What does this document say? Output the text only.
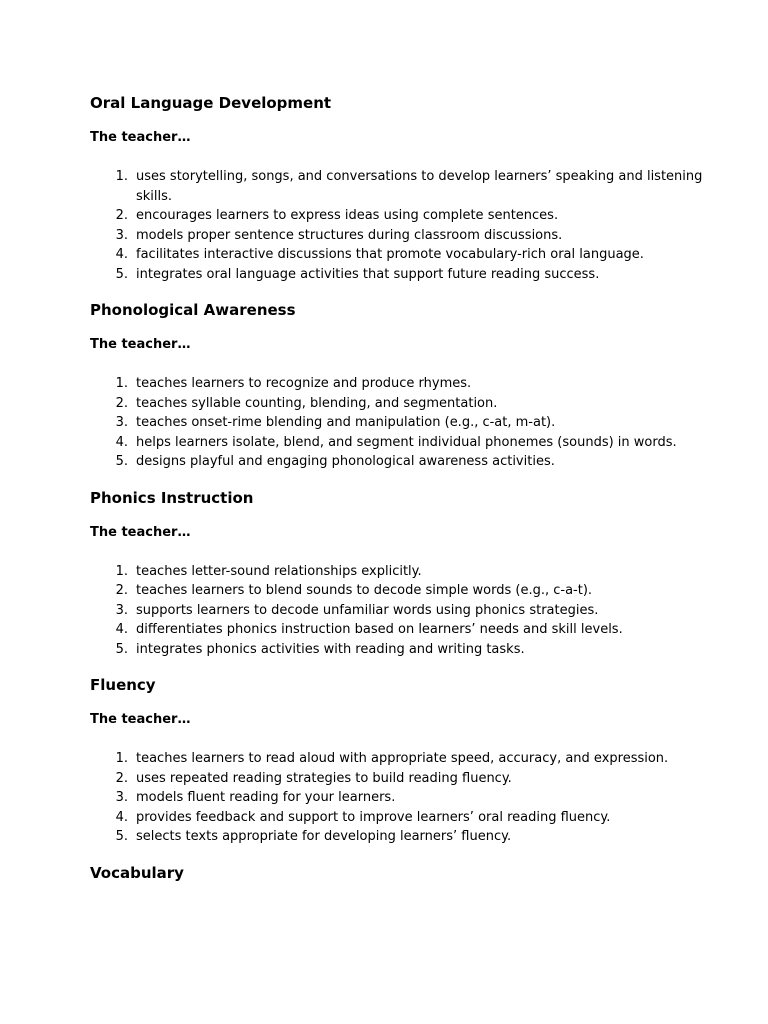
Oral Language Development

The teacher…

1. uses storytelling, songs, and conversations to develop learners’ speaking and listening skills.
2. encourages learners to express ideas using complete sentences.
3. models proper sentence structures during classroom discussions.
4. facilitates interactive discussions that promote vocabulary-rich oral language.
5. integrates oral language activities that support future reading success.
Phonological Awareness

The teacher…

1. teaches learners to recognize and produce rhymes.
2. teaches syllable counting, blending, and segmentation.
3. teaches onset-rime blending and manipulation (e.g., c-at, m-at).
4. helps learners isolate, blend, and segment individual phonemes (sounds) in words.
5. designs playful and engaging phonological awareness activities.
Phonics Instruction

The teacher…

1. teaches letter-sound relationships explicitly.
2. teaches learners to blend sounds to decode simple words (e.g., c-a-t).
3. supports learners to decode unfamiliar words using phonics strategies.
4. differentiates phonics instruction based on learners’ needs and skill levels.
5. integrates phonics activities with reading and writing tasks.
Fluency

The teacher…

1. teaches learners to read aloud with appropriate speed, accuracy, and expression.
2. uses repeated reading strategies to build reading fluency.
3. models fluent reading for your learners.
4. provides feedback and support to improve learners’ oral reading fluency.
5. selects texts appropriate for developing learners’ fluency.
Vocabulary
